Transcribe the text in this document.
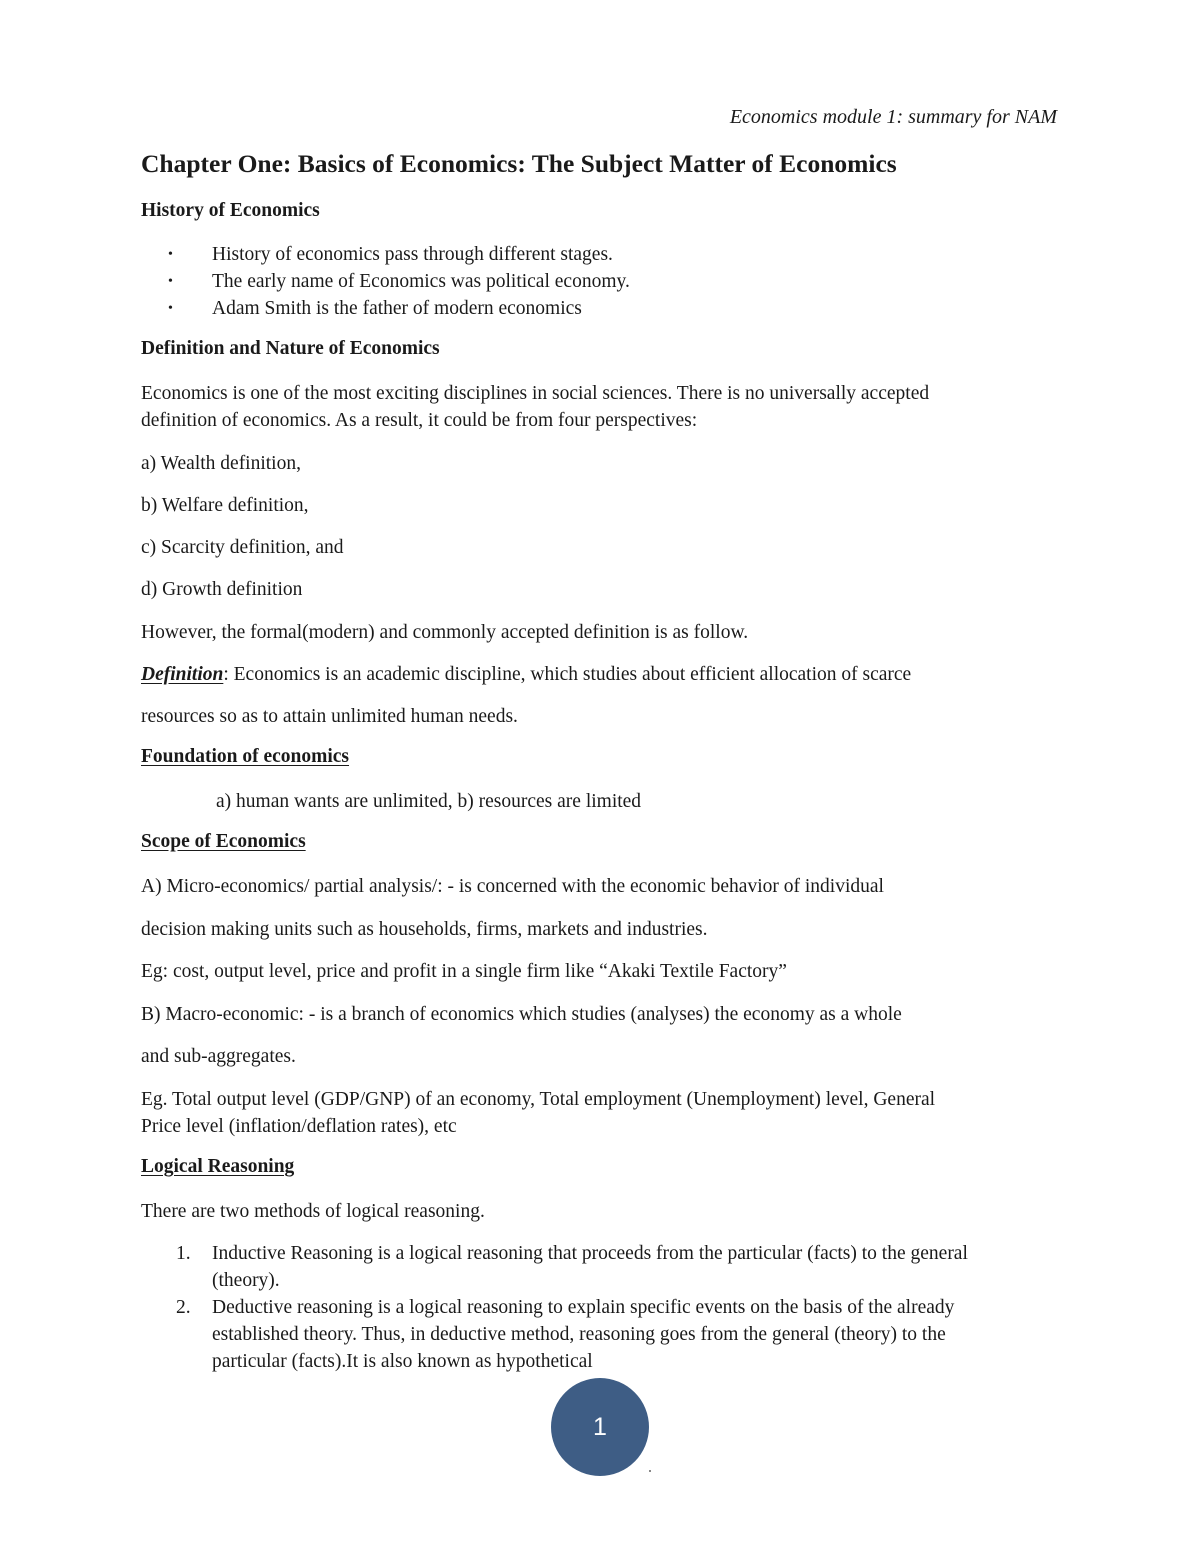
Economics module 1: summary for NAM
Chapter One: Basics of Economics: The Subject Matter of Economics
History of Economics
• History of economics pass through different stages.
• The early name of Economics was political economy.
• Adam Smith is the father of modern economics
Definition and Nature of Economics
Economics is one of the most exciting disciplines in social sciences. There is no universally accepted
definition of economics. As a result, it could be from four perspectives:
a) Wealth definition,
b) Welfare definition,
c) Scarcity definition, and
d) Growth definition
However, the formal(modern) and commonly accepted definition is as follow.
Definition: Economics is an academic discipline, which studies about efficient allocation of scarce
resources so as to attain unlimited human needs.
Foundation of economics
a) human wants are unlimited, b) resources are limited
Scope of Economics
A) Micro-economics/ partial analysis/: - is concerned with the economic behavior of individual
decision making units such as households, firms, markets and industries.
Eg: cost, output level, price and profit in a single firm like “Akaki Textile Factory”
B) Macro-economic: - is a branch of economics which studies (analyses) the economy as a whole
and sub-aggregates.
Eg. Total output level (GDP/GNP) of an economy, Total employment (Unemployment) level, General
Price level (inflation/deflation rates), etc
Logical Reasoning
There are two methods of logical reasoning.
1. Inductive Reasoning is a logical reasoning that proceeds from the particular (facts) to the general
(theory).
2. Deductive reasoning is a logical reasoning to explain specific events on the basis of the already
established theory. Thus, in deductive method, reasoning goes from the general (theory) to the
particular (facts).It is also known as hypothetical
1
